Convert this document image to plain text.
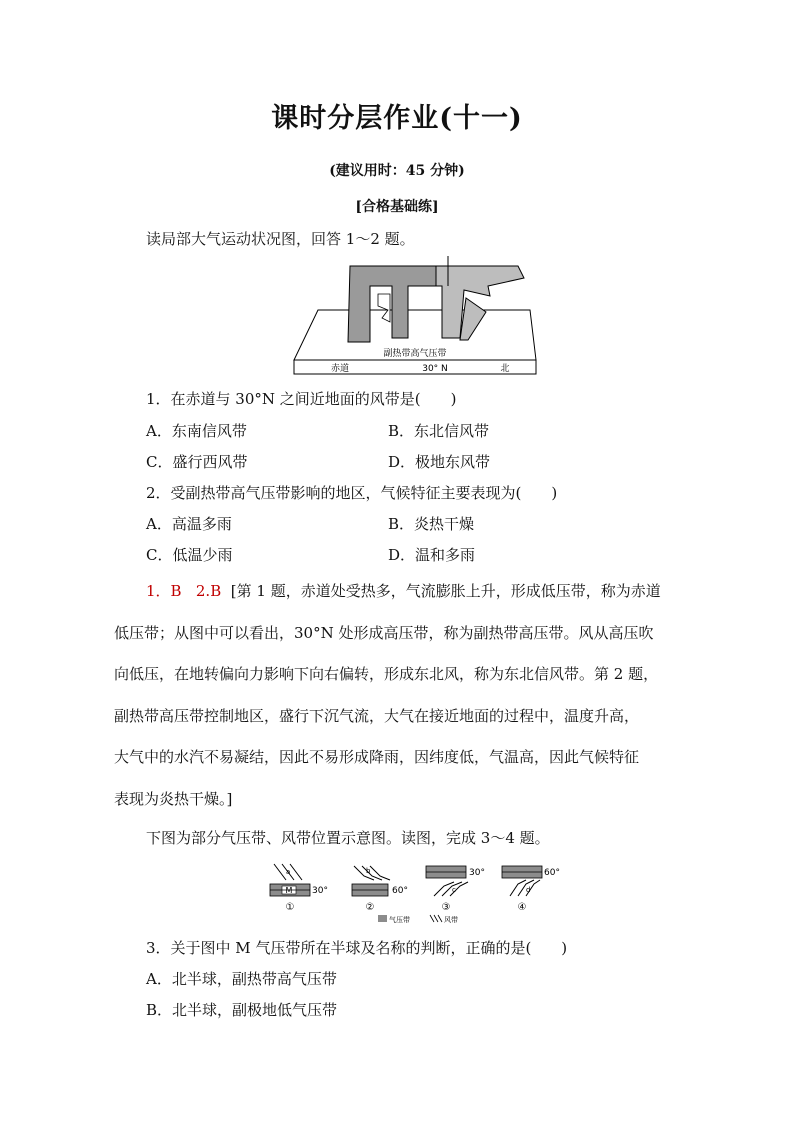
课时分层作业(十一)
(建议用时：45 分钟)
[合格基础练]
读局部大气运动状况图，回答 1～2 题。
副热带高气压带
赤道	30° N	北
1．在赤道与 30°N 之间近地面的风带是(　　)
A．东南信风带	B．东北信风带
C．盛行西风带	D．极地东风带
2．受副热带高气压带影响的地区，气候特征主要表现为(　　)
A．高温多雨	B．炎热干燥
C．低温少雨	D．温和多雨
1．B 2.B [第 1 题，赤道处受热多，气流膨胀上升，形成低压带，称为赤道
低压带；从图中可以看出，30°N 处形成高压带，称为副热带高压带。风从高压吹
向低压，在地转偏向力影响下向右偏转，形成东北风，称为东北信风带。第 2 题，
副热带高压带控制地区，盛行下沉气流，大气在接近地面的过程中，温度升高，
大气中的水汽不易凝结，因此不易形成降雨，因纬度低，气温高，因此气候特征
表现为炎热干燥。]
下图为部分气压带、风带位置示意图。读图，完成 3～4 题。
M 30°	60°
30°	60°
a	b
c	d
①	②	③	④
气压带	风带
3．关于图中 M 气压带所在半球及名称的判断，正确的是(　　)
A．北半球，副热带高气压带
B．北半球，副极地低气压带
